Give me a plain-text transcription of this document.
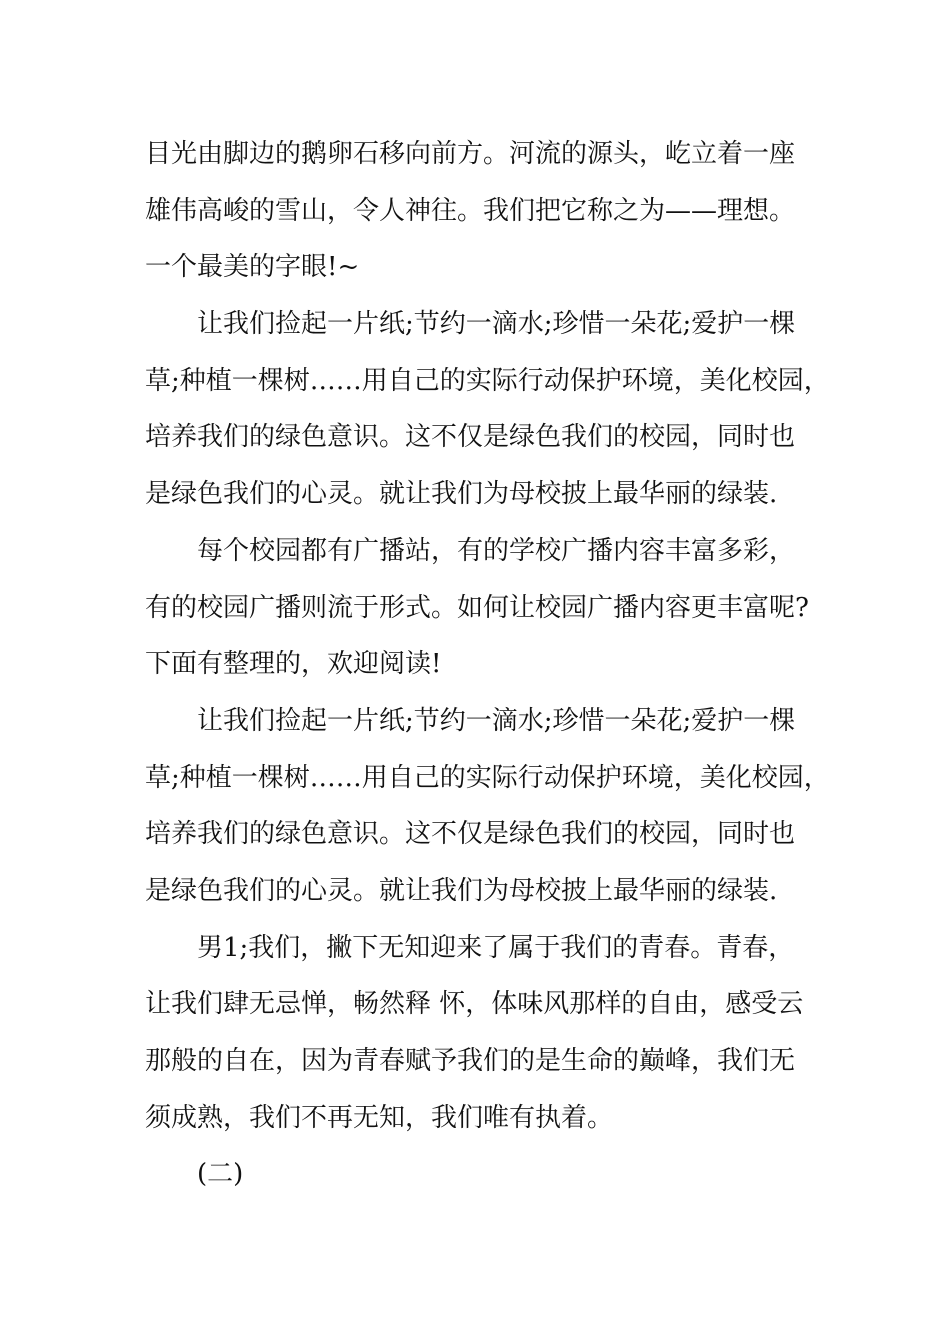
目光由脚边的鹅卵石移向前方。河流的源头，屹立着一座
雄伟高峻的雪山，令人神往。我们把它称之为——理想。
一个最美的字眼!~
让我们捡起一片纸;节约一滴水;珍惜一朵花;爱护一棵
草;种植一棵树……用自己的实际行动保护环境，美化校园，
培养我们的绿色意识。这不仅是绿色我们的校园，同时也
是绿色我们的心灵。就让我们为母校披上最华丽的绿装.
每个校园都有广播站，有的学校广播内容丰富多彩，
有的校园广播则流于形式。如何让校园广播内容更丰富呢?
下面有整理的，欢迎阅读!
让我们捡起一片纸;节约一滴水;珍惜一朵花;爱护一棵
草;种植一棵树……用自己的实际行动保护环境，美化校园，
培养我们的绿色意识。这不仅是绿色我们的校园，同时也
是绿色我们的心灵。就让我们为母校披上最华丽的绿装.
男1;我们，撇下无知迎来了属于我们的青春。青春，
让我们肆无忌惮，畅然释 怀，体味风那样的自由，感受云
那般的自在，因为青春赋予我们的是生命的巅峰，我们无
须成熟，我们不再无知，我们唯有执着。
(二)
